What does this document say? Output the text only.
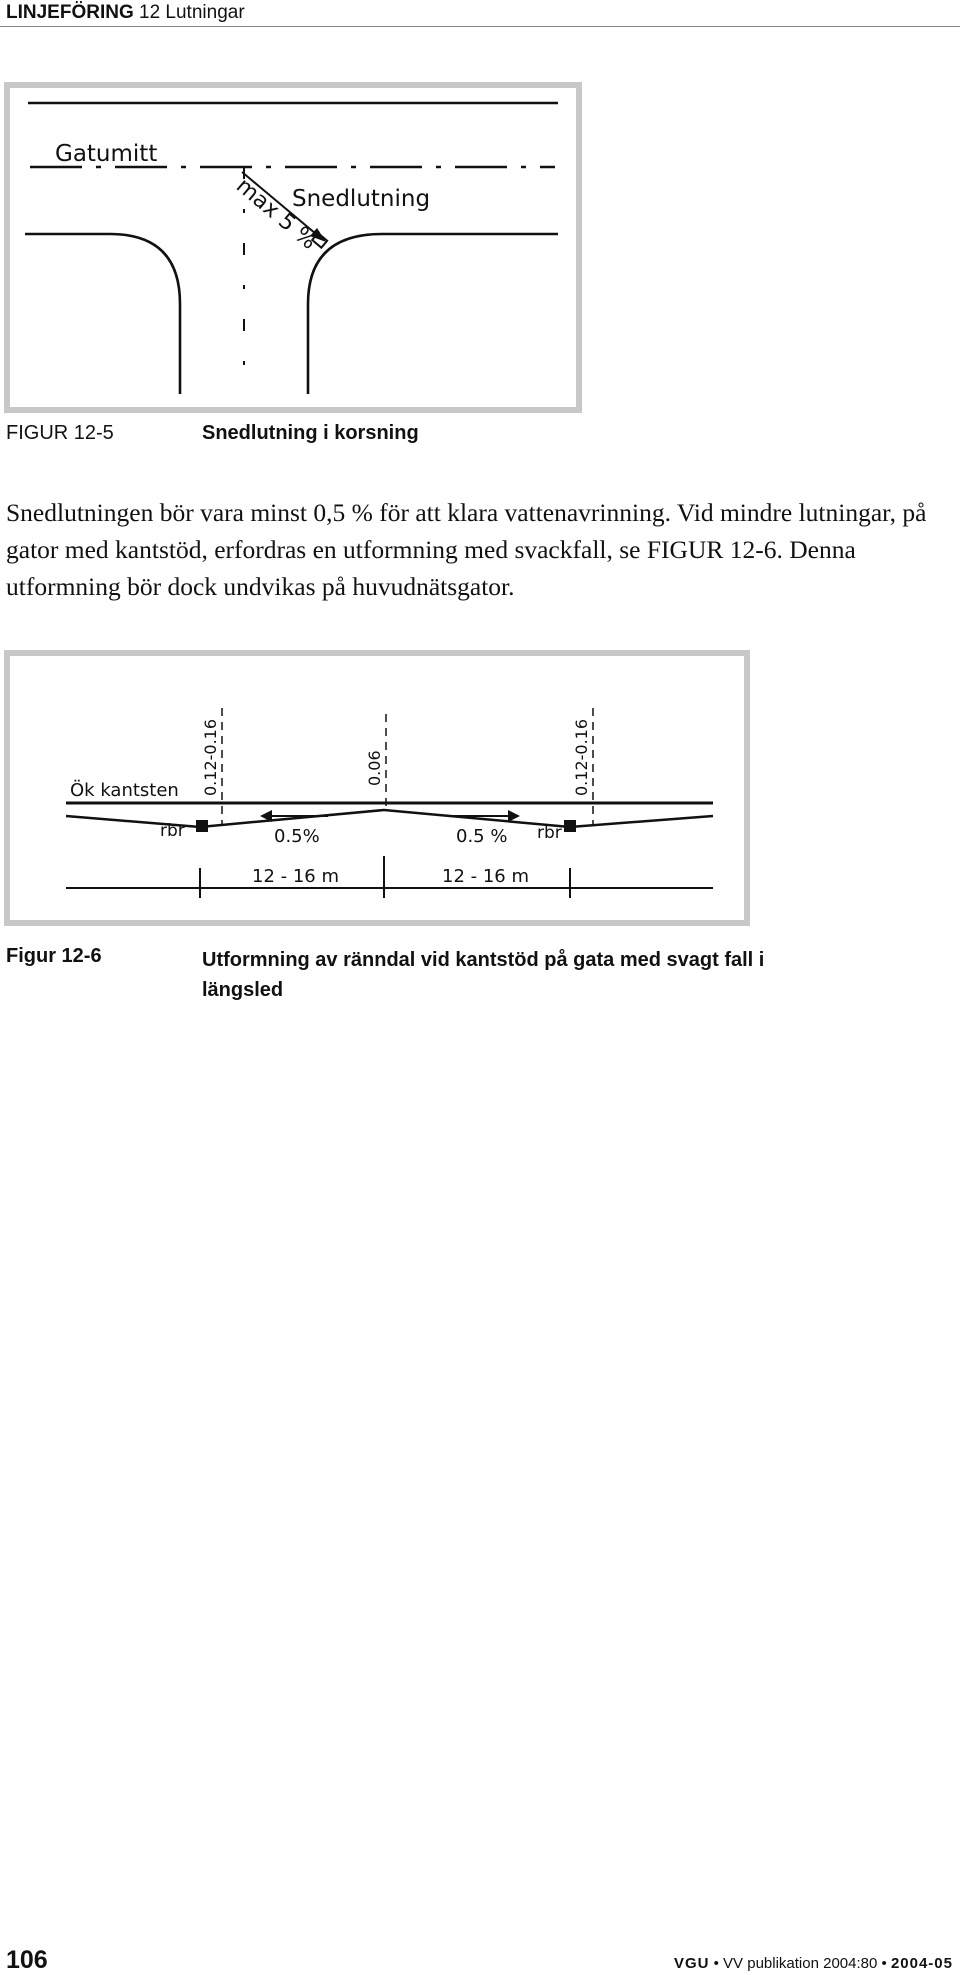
LINJEFÖRING 12 Lutningar
Gatumitt
Snedlutning
max 5 %
FIGUR 12-5	Snedlutning i korsning
Snedlutningen bör vara minst 0,5 % för att klara vattenavrinning. Vid mindre lutningar, på gator med kantstöd, erfordras en utformning med svackfall, se FIGUR 12-6. Denna utformning bör dock undvikas på huvudnätsgator.
Ök kantsten 0.12-0.16	0.06	0.12-0.16
rbr	rbr
0.5%	0.5 %
12 - 16 m	12 - 16 m
Figur 12-6	Utformning av ränndal vid kantstöd på gata med svagt fall i
längsled
106	VGU • VV publikation 2004:80 • 2004-05
